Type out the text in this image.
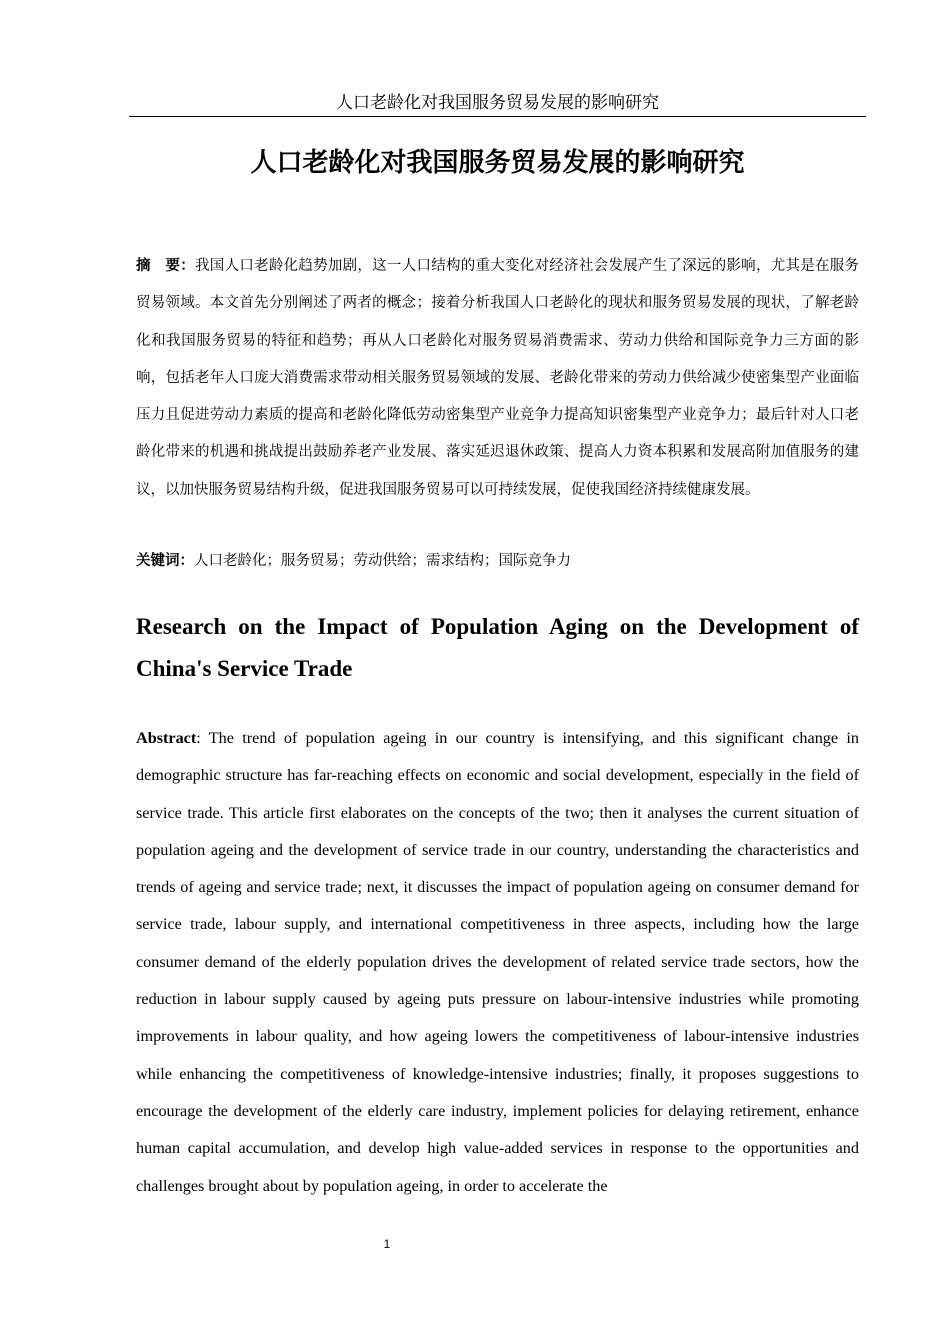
人口老龄化对我国服务贸易发展的影响研究
人口老龄化对我国服务贸易发展的影响研究

摘　要：我国人口老龄化趋势加剧，这一人口结构的重大变化对经济社会发展产生了深远的影响，尤其是在服务贸易领域。本文首先分别阐述了两者的概念；接着分析我国人口老龄化的现状和服务贸易发展的现状，了解老龄化和我国服务贸易的特征和趋势；再从人口老龄化对服务贸易消费需求、劳动力供给和国际竞争力三方面的影响，包括老年人口庞大消费需求带动相关服务贸易领域的发展、老龄化带来的劳动力供给减少使密集型产业面临压力且促进劳动力素质的提高和老龄化降低劳动密集型产业竞争力提高知识密集型产业竞争力；最后针对人口老龄化带来的机遇和挑战提出鼓励养老产业发展、落实延迟退休政策、提高人力资本积累和发展高附加值服务的建议，以加快服务贸易结构升级，促进我国服务贸易可以可持续发展，促使我国经济持续健康发展。

关键词：人口老龄化；服务贸易；劳动供给；需求结构；国际竞争力
Research on the Impact of Population Aging on the Development of China's Service Trade

Abstract: The trend of population ageing in our country is intensifying, and this significant change in demographic structure has far-reaching effects on economic and social development, especially in the field of service trade. This article first elaborates on the concepts of the two; then it analyses the current situation of population ageing and the development of service trade in our country, understanding the characteristics and trends of ageing and service trade; next, it discusses the impact of population ageing on consumer demand for service trade, labour supply, and international competitiveness in three aspects, including how the large consumer demand of the elderly population drives the development of related service trade sectors, how the reduction in labour supply caused by ageing puts pressure on labour-intensive industries while promoting improvements in labour quality, and how ageing lowers the competitiveness of labour-intensive industries while enhancing the competitiveness of knowledge-intensive industries; finally, it proposes suggestions to encourage the development of the elderly care industry, implement policies for delaying retirement, enhance human capital accumulation, and develop high value-added services in response to the opportunities and challenges brought about by population ageing, in order to accelerate the

1
